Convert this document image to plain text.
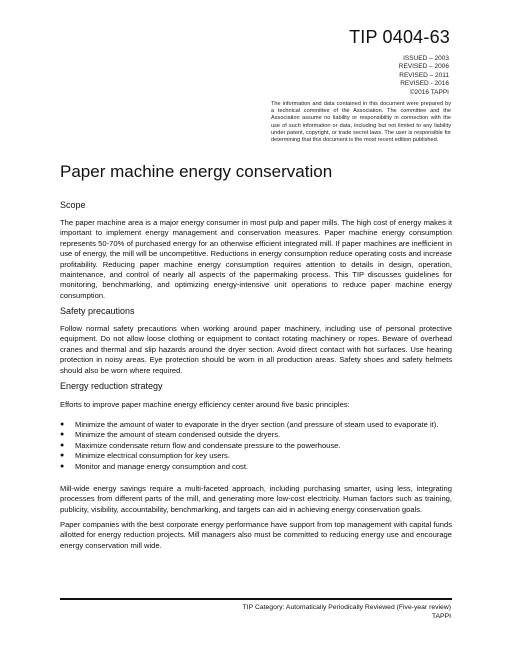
TIP 0404-63
ISSUED – 2003
REVISED – 2006
REVISED – 2011
REVISED - 2016
©2016 TAPPI
The information and data contained in this document were prepared by a technical committee of the Association. The committee and the Association assume no liability or responsibility in connection with the use of such information or data, including but not limited to any liability under patent, copyright, or trade secret laws. The user is responsible for determining that this document is the most recent edition published.
Paper machine energy conservation
Scope

The paper machine area is a major energy consumer in most pulp and paper mills. The high cost of energy makes it important to implement energy management and conservation measures. Paper machine energy consumption represents 50-70% of purchased energy for an otherwise efficient integrated mill. If paper machines are inefficient in use of energy, the mill will be uncompetitive. Reductions in energy consumption reduce operating costs and increase profitability. Reducing paper machine energy consumption requires attention to details in design, operation, maintenance, and control of nearly all aspects of the papermaking process. This TIP discusses guidelines for monitoring, benchmarking, and optimizing energy-intensive unit operations to reduce paper machine energy consumption.

Safety precautions

Follow normal safety precautions when working around paper machinery, including use of personal protective equipment. Do not allow loose clothing or equipment to contact rotating machinery or ropes. Beware of overhead cranes and thermal and slip hazards around the dryer section. Avoid direct contact with hot surfaces. Use hearing protection in noisy areas. Eye protection should be worn in all production areas. Safety shoes and safety helmets should also be worn where required.

Energy reduction strategy

Efforts to improve paper machine energy efficiency center around five basic principles:

●	Minimize the amount of water to evaporate in the dryer section (and pressure of steam used to evaporate it).
●	Minimize the amount of steam condensed outside the dryers.
●	Maximize condensate return flow and condensate pressure to the powerhouse.
●	Minimize electrical consumption for key users.
●	Monitor and manage energy consumption and cost.

Mill-wide energy savings require a multi-faceted approach, including purchasing smarter, using less, integrating processes from different parts of the mill, and generating more low-cost electricity. Human factors such as training, publicity, visibility, accountability, benchmarking, and targets can aid in achieving energy conservation goals.

Paper companies with the best corporate energy performance have support from top management with capital funds allotted for energy reduction projects. Mill managers also must be committed to reducing energy use and encourage energy conservation mill wide.

TIP Category: Automatically Periodically Reviewed (Five-year review)
TAPPI
